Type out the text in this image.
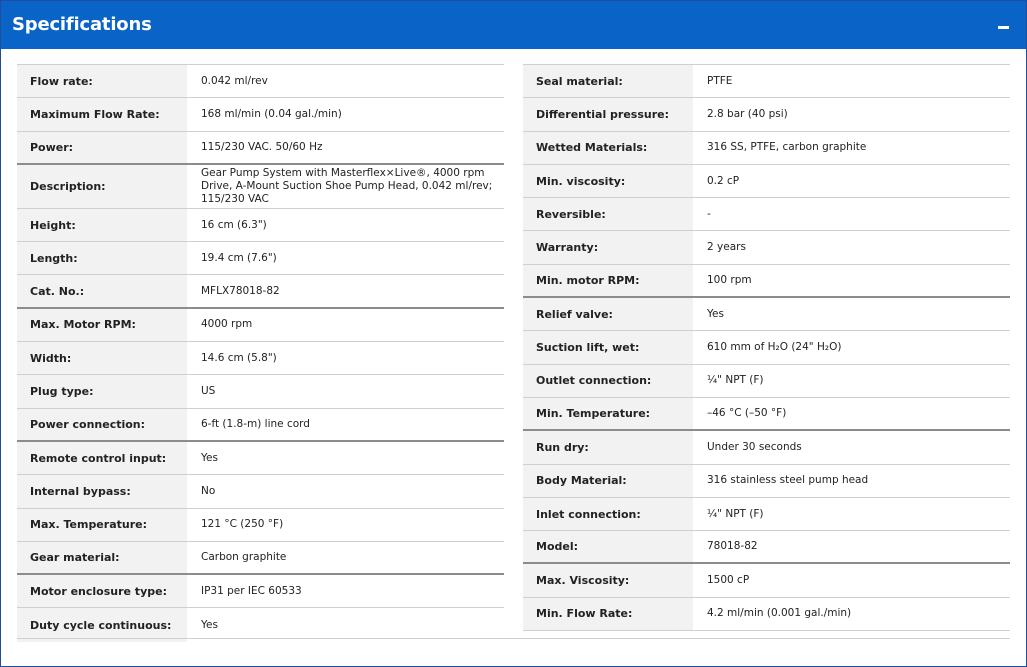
Specifications
Flow rate:	0.042 ml/rev
Maximum Flow Rate:	168 ml/min (0.04 gal./min)
Power:	115/230 VAC. 50/60 Hz
Description:
Gear Pump System with Masterflex×Live®, 4000 rpm Drive, A-Mount Suction Shoe Pump Head, 0.042 ml/rev; 115/230 VAC
Height:	16 cm (6.3")
Length:	19.4 cm (7.6")
Cat. No.:	MFLX78018-82
Max. Motor RPM:	4000 rpm
Width:	14.6 cm (5.8")
Plug type:	US
Power connection:	6-ft (1.8-m) line cord
Remote control input:	Yes
Internal bypass:	No
Max. Temperature:	121 °C (250 °F)
Gear material:	Carbon graphite
Motor enclosure type:	IP31 per IEC 60533
Duty cycle continuous:	Yes
Seal material:	PTFE
Differential pressure:	2.8 bar (40 psi)
Wetted Materials:	316 SS, PTFE, carbon graphite
Min. viscosity:	0.2 cP
Reversible:	-
Warranty:	2 years
Min. motor RPM:	100 rpm
Relief valve:	Yes
Suction lift, wet:	610 mm of H₂O (24" H₂O)
Outlet connection:	¼" NPT (F)
Min. Temperature:	–46 °C (–50 °F)
Run dry:	Under 30 seconds
Body Material:	316 stainless steel pump head
Inlet connection:	¼" NPT (F)
Model:	78018-82
Max. Viscosity:	1500 cP
Min. Flow Rate:	4.2 ml/min (0.001 gal./min)
